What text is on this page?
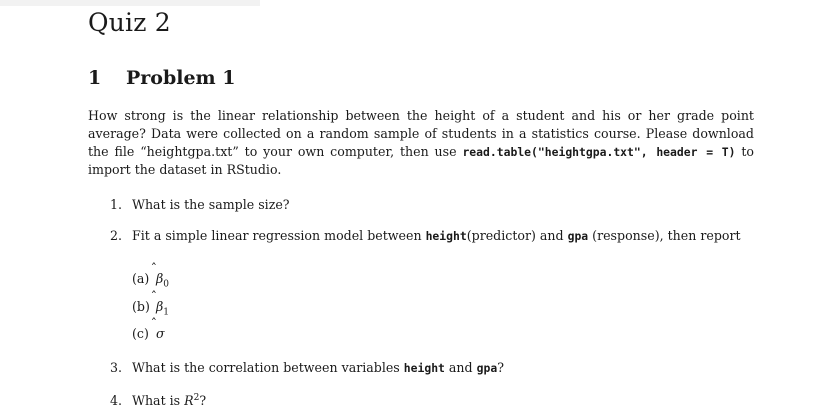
Quiz 2
1 Problem 1

How strong is the linear relationship between the height of a student and his or her grade point average? Data were collected on a random sample of students in a statistics course. Please download the file “heightgpa.txt” to your own computer, then use read.table("heightgpa.txt", header = T) to import the dataset in RStudio.

1. What is the sample size?

2. Fit a simple linear regression model between height(predictor) and gpa (response), then report

(a) ̂ $\beta_0$
(b) ̂ $\beta_1$
(c) ̂ σ

3. What is the correlation between variables height and gpa?

4. What is $R^2$?
